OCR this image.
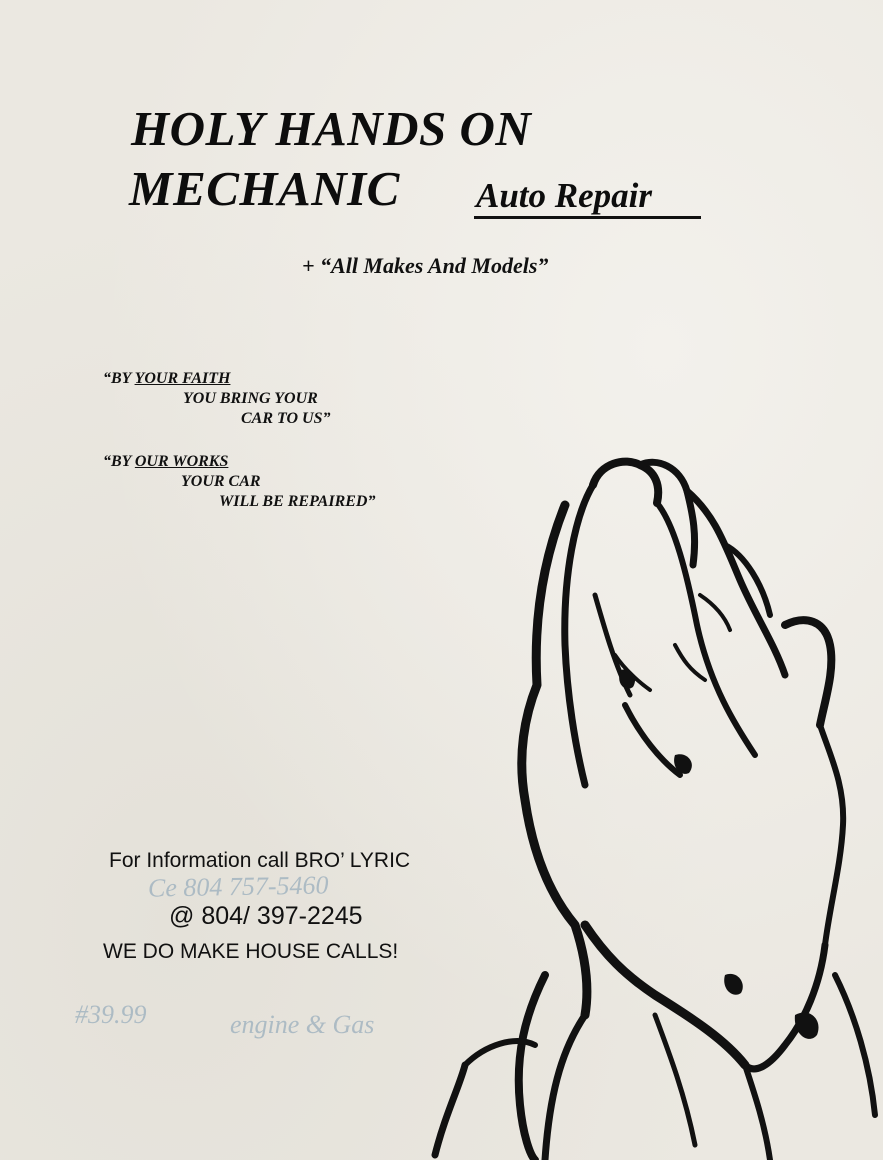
HOLY HANDS ON
MECHANIC Auto Repair
+ “All Makes And Models”
“BY YOUR FAITH
YOU BRING YOUR
CAR TO US”
“BY OUR WORKS
YOUR CAR
WILL BE REPAIRED”
Ce 804 757-5460
#39.99	engine & Gas
For Information call BRO’ LYRIC
@ 804/ 397-2245
WE DO MAKE HOUSE CALLS!
